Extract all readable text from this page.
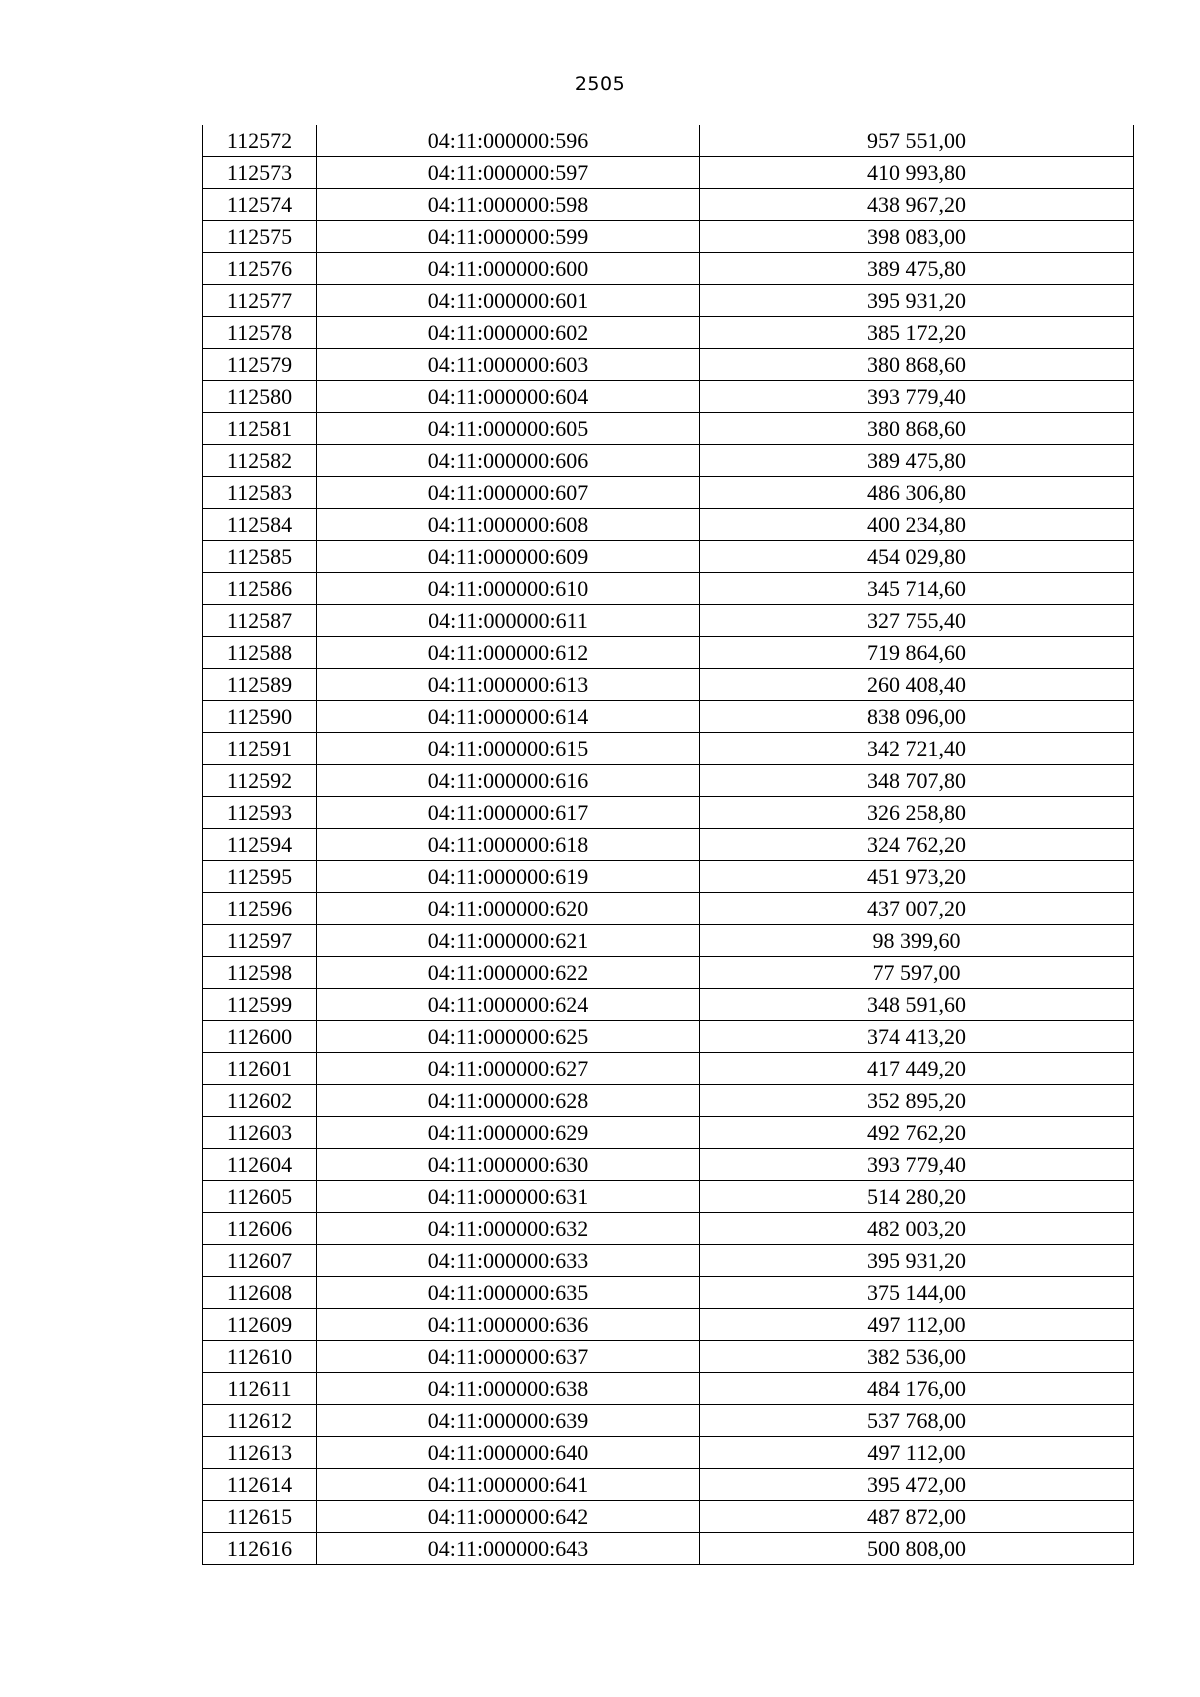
2505
112572	04:11:000000:596	957 551,00
112573	04:11:000000:597	410 993,80
112574	04:11:000000:598	438 967,20
112575	04:11:000000:599	398 083,00
112576	04:11:000000:600	389 475,80
112577	04:11:000000:601	395 931,20
112578	04:11:000000:602	385 172,20
112579	04:11:000000:603	380 868,60
112580	04:11:000000:604	393 779,40
112581	04:11:000000:605	380 868,60
112582	04:11:000000:606	389 475,80
112583	04:11:000000:607	486 306,80
112584	04:11:000000:608	400 234,80
112585	04:11:000000:609	454 029,80
112586	04:11:000000:610	345 714,60
112587	04:11:000000:611	327 755,40
112588	04:11:000000:612	719 864,60
112589	04:11:000000:613	260 408,40
112590	04:11:000000:614	838 096,00
112591	04:11:000000:615	342 721,40
112592	04:11:000000:616	348 707,80
112593	04:11:000000:617	326 258,80
112594	04:11:000000:618	324 762,20
112595	04:11:000000:619	451 973,20
112596	04:11:000000:620	437 007,20
112597	04:11:000000:621	98 399,60
112598	04:11:000000:622	77 597,00
112599	04:11:000000:624	348 591,60
112600	04:11:000000:625	374 413,20
112601	04:11:000000:627	417 449,20
112602	04:11:000000:628	352 895,20
112603	04:11:000000:629	492 762,20
112604	04:11:000000:630	393 779,40
112605	04:11:000000:631	514 280,20
112606	04:11:000000:632	482 003,20
112607	04:11:000000:633	395 931,20
112608	04:11:000000:635	375 144,00
112609	04:11:000000:636	497 112,00
112610	04:11:000000:637	382 536,00
112611	04:11:000000:638	484 176,00
112612	04:11:000000:639	537 768,00
112613	04:11:000000:640	497 112,00
112614	04:11:000000:641	395 472,00
112615	04:11:000000:642	487 872,00
112616	04:11:000000:643	500 808,00
